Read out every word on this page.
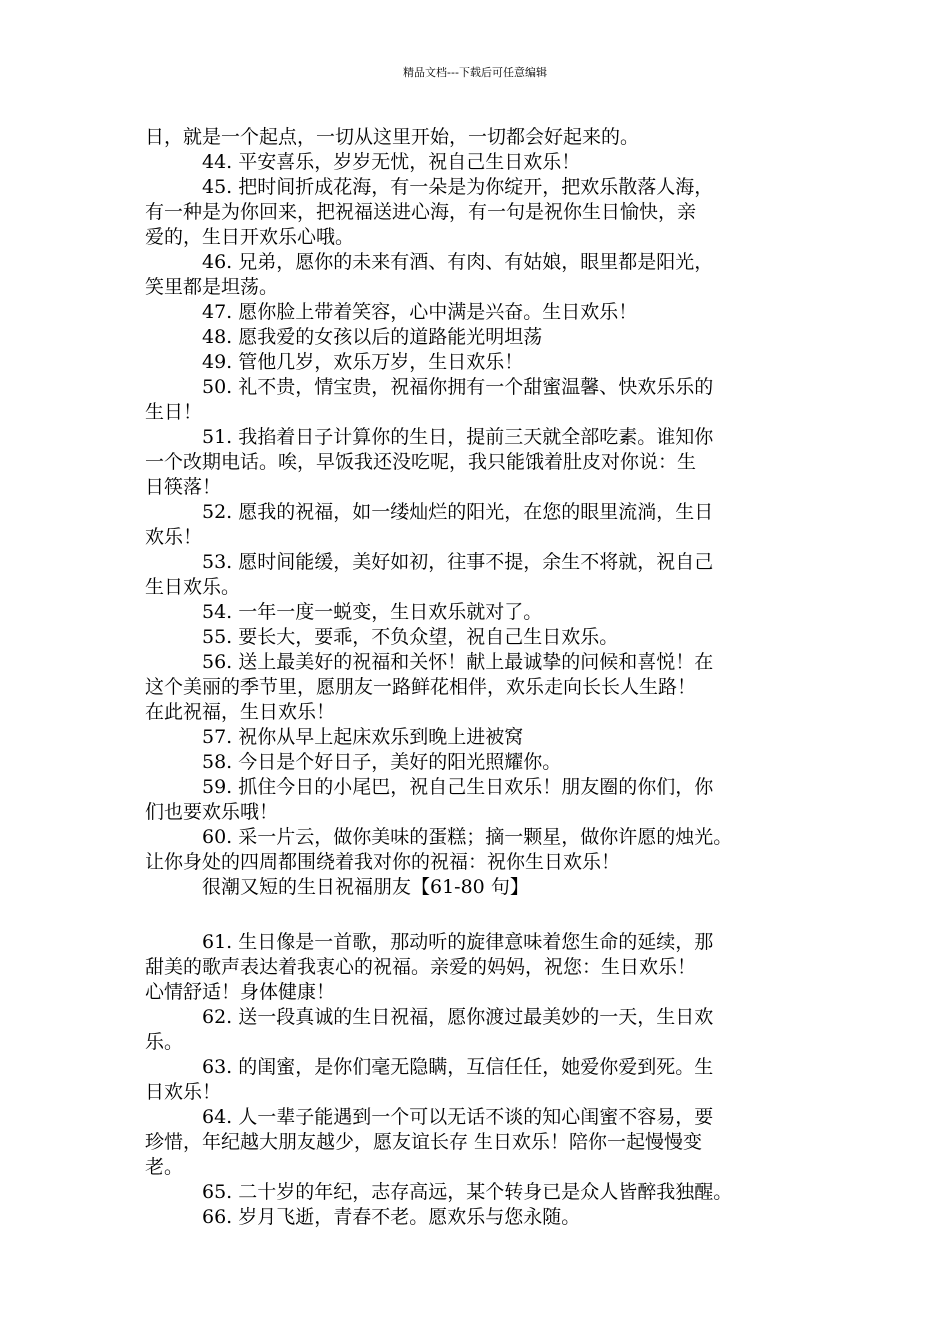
精品文档---下载后可任意编辑
日，就是一个起点，一切从这里开始，一切都会好起来的。
44. 平安喜乐，岁岁无忧，祝自己生日欢乐！
45. 把时间折成花海，有一朵是为你绽开，把欢乐散落人海，
有一种是为你回来，把祝福送进心海，有一句是祝你生日愉快，亲
爱的，生日开欢乐心哦。
46. 兄弟，愿你的未来有酒、有肉、有姑娘，眼里都是阳光，
笑里都是坦荡。
47. 愿你脸上带着笑容，心中满是兴奋。生日欢乐！
48. 愿我爱的女孩以后的道路能光明坦荡
49. 管他几岁，欢乐万岁，生日欢乐！
50. 礼不贵，情宝贵，祝福你拥有一个甜蜜温馨、快欢乐乐的
生日！
51. 我掐着日子计算你的生日，提前三天就全部吃素。谁知你
一个改期电话。唉，早饭我还没吃呢，我只能饿着肚皮对你说：生
日筷落！
52. 愿我的祝福，如一缕灿烂的阳光，在您的眼里流淌，生日
欢乐！
53. 愿时间能缓，美好如初，往事不提，余生不将就，祝自己
生日欢乐。
54. 一年一度一蜕变，生日欢乐就对了。
55. 要长大，要乖，不负众望，祝自己生日欢乐。
56. 送上最美好的祝福和关怀！献上最诚挚的问候和喜悦！在
这个美丽的季节里，愿朋友一路鲜花相伴，欢乐走向长长人生路！
在此祝福，生日欢乐！
57. 祝你从早上起床欢乐到晚上进被窝
58. 今日是个好日子，美好的阳光照耀你。
59. 抓住今日的小尾巴，祝自己生日欢乐！朋友圈的你们，你
们也要欢乐哦！
60. 采一片云，做你美味的蛋糕；摘一颗星，做你许愿的烛光。
让你身处的四周都围绕着我对你的祝福：祝你生日欢乐！
很潮又短的生日祝福朋友【61-80 句】
61. 生日像是一首歌，那动听的旋律意味着您生命的延续，那
甜美的歌声表达着我衷心的祝福。亲爱的妈妈，祝您：生日欢乐！
心情舒适！身体健康！
62. 送一段真诚的生日祝福，愿你渡过最美妙的一天，生日欢
乐。
63. 的闺蜜，是你们毫无隐瞒，互信任任，她爱你爱到死。生
日欢乐！
64. 人一辈子能遇到一个可以无话不谈的知心闺蜜不容易，要
珍惜，年纪越大朋友越少，愿友谊长存 生日欢乐！陪你一起慢慢变
老。
65. 二十岁的年纪，志存高远，某个转身已是众人皆醉我独醒。
66. 岁月飞逝，青春不老。愿欢乐与您永随。
